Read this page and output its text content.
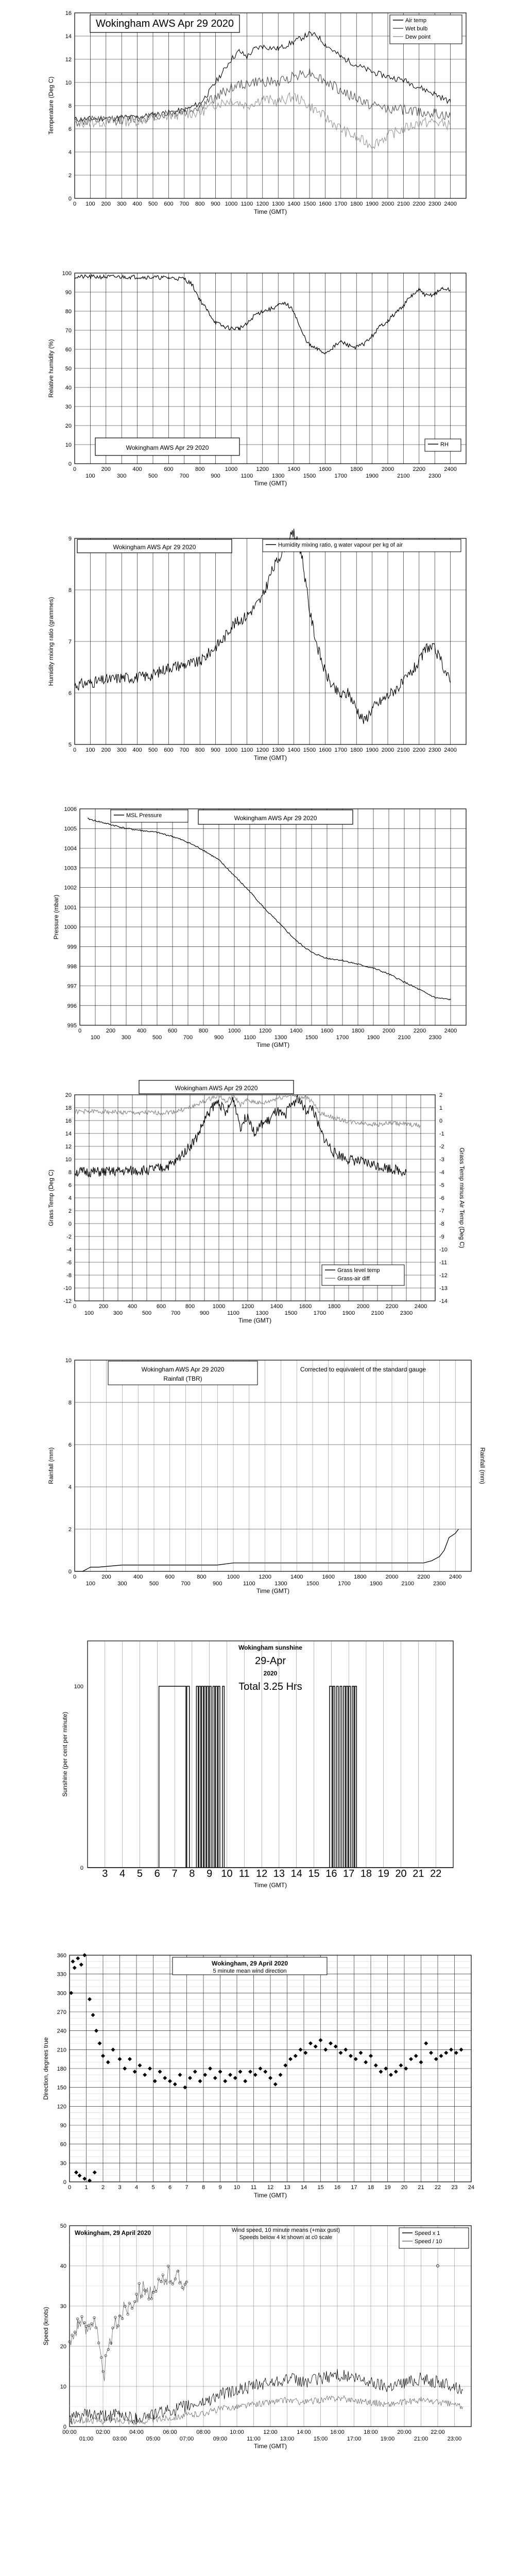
0
2
4
6
8
10
12
14
16
0 100 200 300 400 500 600 700 800 900 1000 1100 1200 1300 1400 1500 1600 1700 1800 1900 2000 2100 2200 2300 2400
Time (GMT)
Temperature (Deg C)
Wokingham AWS Apr 29 2020	Air temp
Wet bulb
Dew point
0
10
20
30
40
50
60
70
80
90
100
0	200	400	600	800	1000	1200	1400	1600	1800	2000	2200	2400
100	300	500	700	900	1100	1300	1500	1700	1900	2100	2300
Time (GMT)
Relative humidity (%)
Wokingham AWS Apr 29 2020	RH
5
6
7
8
9
0 100 200 300 400 500 600 700 800 900 1000 1100 1200 1300 1400 1500 1600 1700 1800 1900 2000 2100 2200 2300 2400
Time (GMT)
Humidity mixing ratio (grammes)
Wokingham AWS Apr 29 2020	Humidity mixing ratio, g water vapour per kg of air
995
996
997
998
999
1000
1001
1002
1003
1004
1005
1006
0	200	400	600	800	1000	1200	1400	1600	1800	2000	2200	2400
100	300	500	700	900	1100	1300	1500	1700	1900	2100	2300
Time (GMT)
Pressure (mbar)
MSL Pressure	Wokingham AWS Apr 29 2020
-12
-10
-8
-6
-4
-2
0
2
4
6
8
10
12
14
16
18
20
0	200	400	600	800	1000	1200	1400	1600	1800	2000	2200	2400
100	300	500	700	900	1100	1300	1500	1700	1900	2100	2300
Time (GMT)
Grass Temp (Deg C)
-14
-13
-12
-11
-10
-9
-8
-7
-6
-5
-4
-3
-2
-1
0
1
2
Grass Temp minus Air Temp (Deg C)
Wokingham AWS Apr 29 2020
Grass level temp
Grass-air diff
0
2
4
6
8
10
0	200	400	600	800	1000	1200	1400	1600	1800	2000	2200	2400
100	300	500	700	900	1100	1300	1500	1700	1900	2100	2300
Time (GMT)
Rainfall (mm)	Rainfall (mm)
Wokingham AWS Apr 29 2020
Rainfall (TBR)
Corrected to equivalent of the standard gauge
3 4 5 6 7 8 9 10 11 12 13 14 15 16 17 18 19 20 21 22
Time (GMT)
0
100
Sunshine (per cent per minute)
Wokingham sunshine
29-Apr
2020
Total 3.25 Hrs
0
30
60
90
120
150
180
210
240
270
300
330
360
0 1 2 3 4 5 6 7 8 9 10 11 12 13 14 15 16 17 18 19 20 21 22 23 24
Time (GMT)
Direction, degrees true
Wokingham, 29 April 2020
5 minute mean wind direction
0
10
20
30
40
50
00:00	02:00	04:00	06:00	08:00	10:00	12:00	14:00	16:00	18:00	20:00	22:00
01:00	03:00	05:00	07:00	09:00	11:00	13:00	15:00	17:00	19:00	21:00	23:00
Time (GMT)
Speed (knots)
Wokingham, 29 April 2020	Wind speed, 10 minute means (+max gust)
Speeds below 4 kt shown at c0 scale
Speed x 1
Speed / 10
